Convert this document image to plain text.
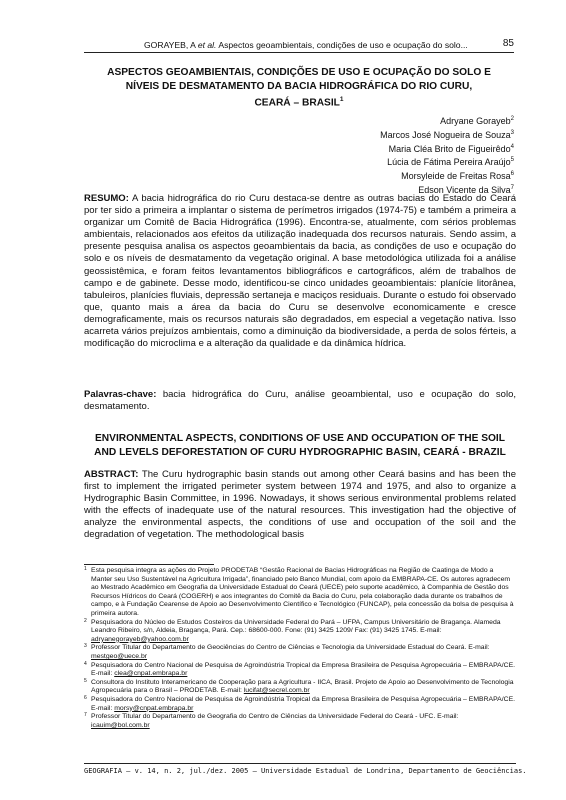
GORAYEB, A et al. Aspectos geoambientais, condições de uso e ocupação do solo...	85
ASPECTOS GEOAMBIENTAIS, CONDIÇÕES DE USO E OCUPAÇÃO DO SOLO E
NÍVEIS DE DESMATAMENTO DA BACIA HIDROGRÁFICA DO RIO CURU,
CEARÁ – BRASIL$^1$
Adryane Gorayeb$^2$
Marcos José Nogueira de Souza$^3$
Maria Cléa Brito de Figueirêdo$^4$
Lúcia de Fátima Pereira Araújo$^5$
Morsyleide de Freitas Rosa$^6$
Edson Vicente da Silva$^7$
RESUMO: A bacia hidrográfica do rio Curu destaca-se dentre as outras bacias do Estado do Ceará por ter sido a primeira a implantar o sistema de perímetros irrigados (1974-75) e também a primeira a organizar um Comitê de Bacia Hidrográfica (1996). Encontra-se, atualmente, com sérios problemas ambientais, relacionados aos efeitos da utilização inadequada dos recursos naturais. Sendo assim, a presente pesquisa analisa os aspectos geoambientais da bacia, as condições de uso e ocupação do solo e os níveis de desmatamento da vegetação original. A base metodológica utilizada foi a análise geossistêmica, e foram feitos levantamentos bibliográficos e cartográficos, além de trabalhos de campo e de gabinete. Desse modo, identificou-se cinco unidades geoambientais: planície litorânea, tabuleiros, planícies fluviais, depressão sertaneja e maciços residuais. Durante o estudo foi observado que, quanto mais a área da bacia do Curu se desenvolve economicamente e cresce demograficamente, mais os recursos naturais são degradados, em especial a vegetação nativa. Isso acarreta vários prejuízos ambientais, como a diminuição da biodiversidade, a perda de solos férteis, a modificação do microclima e a alteração da qualidade e da dinâmica hídrica.
Palavras-chave: bacia hidrográfica do Curu, análise geoambiental, uso e ocupação do solo, desmatamento.
ENVIRONMENTAL ASPECTS, CONDITIONS OF USE AND OCCUPATION OF THE SOIL
AND LEVELS DEFORESTATION OF CURU HYDROGRAPHIC BASIN, CEARÁ - BRAZIL
ABSTRACT: The Curu hydrographic basin stands out among other Ceará basins and has been the first to implement the irrigated perimeter system between 1974 and 1975, and also to organize a Hydrographic Basin Committee, in 1996. Nowadays, it shows serious environmental problems related with the effects of inadequate use of the natural resources. This investigation had the objective of analyze the environmental aspects, the conditions of use and occupation of the soil and the degradation of vegetation. The methodological basis
1 Esta pesquisa integra as ações do Projeto PRODETAB “Gestão Racional de Bacias Hidrográficas na Região de Caatinga de Modo a Manter seu Uso Sustentável na Agricultura Irrigada”, financiado pelo Banco Mundial, com apoio da EMBRAPA-CE. Os autores agradecem ao Mestrado Acadêmico em Geografia da Universidade Estadual do Ceará (UECE) pelo suporte acadêmico, à Companhia de Gestão dos Recursos Hídricos do Ceará (COGERH) e aos integrantes do Comitê da Bacia do Curu, pela colaboração dada durante os trabalhos de campo, e à Fundação Cearense de Apoio ao Desenvolvimento Científico e Tecnológico (FUNCAP), pela concessão da bolsa de pesquisa à primeira autora.
2 Pesquisadora do Núcleo de Estudos Costeiros da Universidade Federal do Pará – UFPA, Campus Universitário de Bragança. Alameda Leandro Ribeiro, s/n, Aldeia, Bragança, Pará. Cep.: 68600-000. Fone: (91) 3425 1209/ Fax: (91) 3425 1745. E-mail: adryanegorayeb@yahoo.com.br
3 Professor Titular do Departamento de Geociências do Centro de Ciências e Tecnologia da Universidade Estadual do Ceará. E-mail: mestgeo@uece.br
4 Pesquisadora do Centro Nacional de Pesquisa de Agroindústria Tropical da Empresa Brasileira de Pesquisa Agropecuária – EMBRAPA/CE. E-mail: clea@cnpat.embrapa.br
5 Consultora do Instituto Interamericano de Cooperação para a Agricultura - IICA, Brasil. Projeto de Apoio ao Desenvolvimento de Tecnologia Agropecuária para o Brasil – PRODETAB. E-mail: lucifat@secrel.com.br
6 Pesquisadora do Centro Nacional de Pesquisa de Agroindústria Tropical da Empresa Brasileira de Pesquisa Agropecuária – EMBRAPA/CE. E-mail: morsy@cnpat.embrapa.br
7 Professor Titular do Departamento de Geografia do Centro de Ciências da Universidade Federal do Ceará - UFC. E-mail: icauim@bol.com.br
GEOGRAFIA – v. 14, n. 2, jul./dez. 2005 – Universidade Estadual de Londrina, Departamento de Geociências.
